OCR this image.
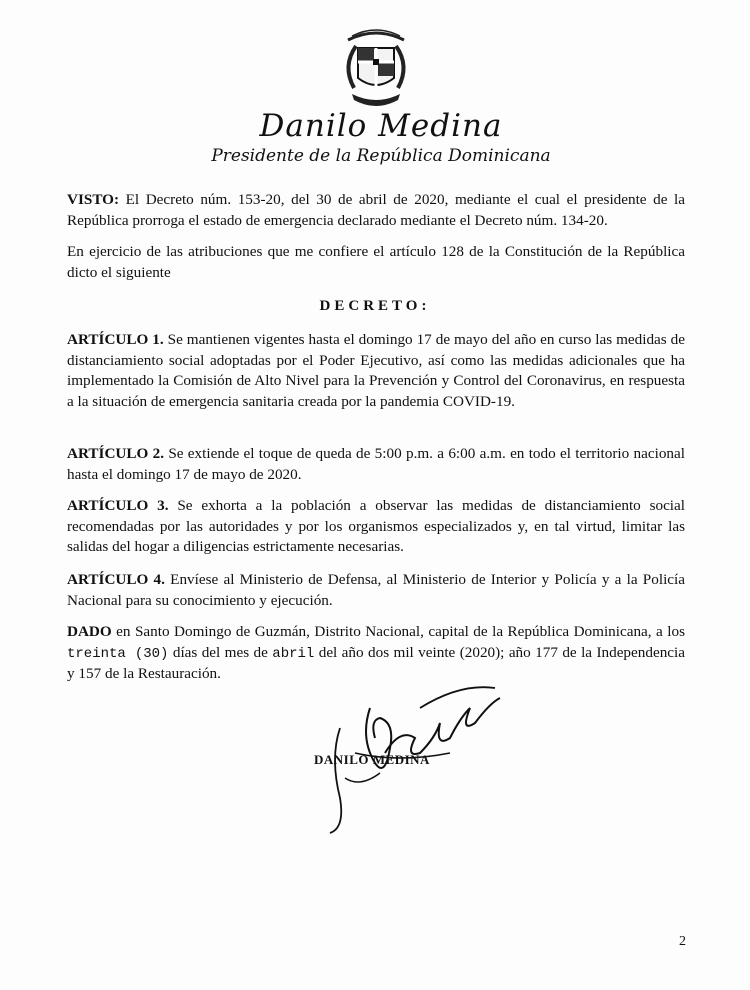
Danilo Medina
Presidente de la República Dominicana

VISTO: El Decreto núm. 153-20, del 30 de abril de 2020, mediante el cual el presidente de la República prorroga el estado de emergencia declarado mediante el Decreto núm. 134-20.

En ejercicio de las atribuciones que me confiere el artículo 128 de la Constitución de la República dicto el siguiente

DECRETO:

ARTÍCULO 1. Se mantienen vigentes hasta el domingo 17 de mayo del año en curso las medidas de distanciamiento social adoptadas por el Poder Ejecutivo, así como las medidas adicionales que ha implementado la Comisión de Alto Nivel para la Prevención y Control del Coronavirus, en respuesta a la situación de emergencia sanitaria creada por la pandemia COVID-19.

ARTÍCULO 2. Se extiende el toque de queda de 5:00 p.m. a 6:00 a.m. en todo el territorio nacional hasta el domingo 17 de mayo de 2020.

ARTÍCULO 3. Se exhorta a la población a observar las medidas de distanciamiento social recomendadas por las autoridades y por los organismos especializados y, en tal virtud, limitar las salidas del hogar a diligencias estrictamente necesarias.

ARTÍCULO 4. Envíese al Ministerio de Defensa, al Ministerio de Interior y Policía y a la Policía Nacional para su conocimiento y ejecución.

DADO en Santo Domingo de Guzmán, Distrito Nacional, capital de la República Dominicana, a los treinta (30) días del mes de abril del año dos mil veinte (2020); año 177 de la Independencia y 157 de la Restauración.

DANILO MEDINA
2
